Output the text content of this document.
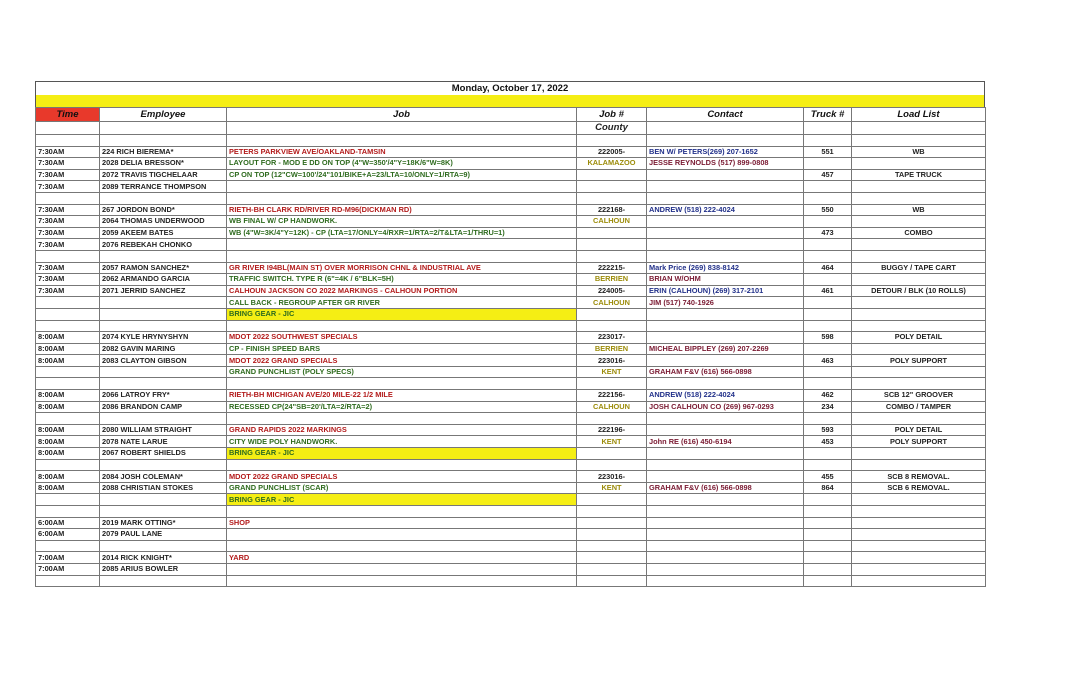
Monday, October 17, 2022
Time	Employee	Job	Job #	Contact	Truck #	Load List
			County			

7:30AM	224 RICH BIEREMA*	PETERS PARKVIEW AVE/OAKLAND-TAMSIN	222005-	BEN W/ PETERS(269) 207-1652	551	WB
7:30AM	2028 DELIA BRESSON*	LAYOUT FOR - MOD E DD ON TOP (4"W=350'/4"Y=18K/6"W=8K)	KALAMAZOO	JESSE REYNOLDS (517) 899-0808		
7:30AM	2072 TRAVIS TIGCHELAAR	CP ON TOP (12"CW=100'/24"101/BIKE+A=23/LTA=10/ONLY=1/RTA=9)			457	TAPE TRUCK
7:30AM	2089 TERRANCE THOMPSON					

7:30AM	267 JORDON BOND*	RIETH-BH CLARK RD/RIVER RD-M96(DICKMAN RD)	222168-	ANDREW (518) 222-4024	550	WB
7:30AM	2064 THOMAS UNDERWOOD	WB FINAL W/ CP HANDWORK.	CALHOUN			
7:30AM	2059 AKEEM BATES	WB (4"W=3K/4"Y=12K) - CP (LTA=17/ONLY=4/RXR=1/RTA=2/T&LTA=1/THRU=1)			473	COMBO
7:30AM	2076 REBEKAH CHONKO					

7:30AM	2057 RAMON SANCHEZ*	GR RIVER I94BL(MAIN ST) OVER MORRISON CHNL & INDUSTRIAL AVE	222215-	Mark Price (269) 838-8142	464	BUGGY / TAPE CART
7:30AM	2062 ARMANDO GARCIA	TRAFFIC SWITCH. TYPE R (6"=4K / 6"BLK=5H)	BERRIEN	BRIAN W/OHM		
7:30AM	2071 JERRID SANCHEZ	CALHOUN JACKSON CO 2022 MARKINGS - CALHOUN PORTION	224005-	ERIN (CALHOUN) (269) 317-2101	461	DETOUR / BLK (10 ROLLS)
		CALL BACK - REGROUP AFTER GR RIVER	CALHOUN	JIM (517) 740-1926		
		BRING GEAR - JIC				

8:00AM	2074 KYLE HRYNYSHYN	MDOT 2022 SOUTHWEST SPECIALS	223017-		598	POLY DETAIL
8:00AM	2082 GAVIN MARING	CP - FINISH SPEED BARS	BERRIEN	MICHEAL BIPPLEY (269) 207-2269		
8:00AM	2083 CLAYTON GIBSON	MDOT 2022 GRAND SPECIALS	223016-		463	POLY SUPPORT
		GRAND PUNCHLIST (POLY SPECS)	KENT	GRAHAM F&V (616) 566-0898		

8:00AM	2066 LATROY FRY*	RIETH-BH MICHIGAN AVE/20 MILE-22 1/2 MILE	222156-	ANDREW (518) 222-4024	462	SCB 12" GROOVER
8:00AM	2086 BRANDON CAMP	RECESSED CP(24"SB=20'/LTA=2/RTA=2)	CALHOUN	JOSH CALHOUN CO (269) 967-0293	234	COMBO / TAMPER

8:00AM	2080 WILLIAM STRAIGHT	GRAND RAPIDS 2022 MARKINGS	222196-		593	POLY DETAIL
8:00AM	2078 NATE LARUE	CITY WIDE POLY HANDWORK.	KENT	John RE (616) 450-6194	453	POLY SUPPORT
8:00AM	2067 ROBERT SHIELDS	BRING GEAR - JIC				

8:00AM	2084 JOSH COLEMAN*	MDOT 2022 GRAND SPECIALS	223016-		455	SCB 8 REMOVAL.
8:00AM	2088 CHRISTIAN STOKES	GRAND PUNCHLIST (SCAR)	KENT	GRAHAM F&V (616) 566-0898	864	SCB 6 REMOVAL.
		BRING GEAR - JIC				

6:00AM	2019 MARK OTTING*	SHOP				
6:00AM	2079 PAUL LANE					

7:00AM	2014 RICK KNIGHT*	YARD				
7:00AM	2085 ARIUS BOWLER					
